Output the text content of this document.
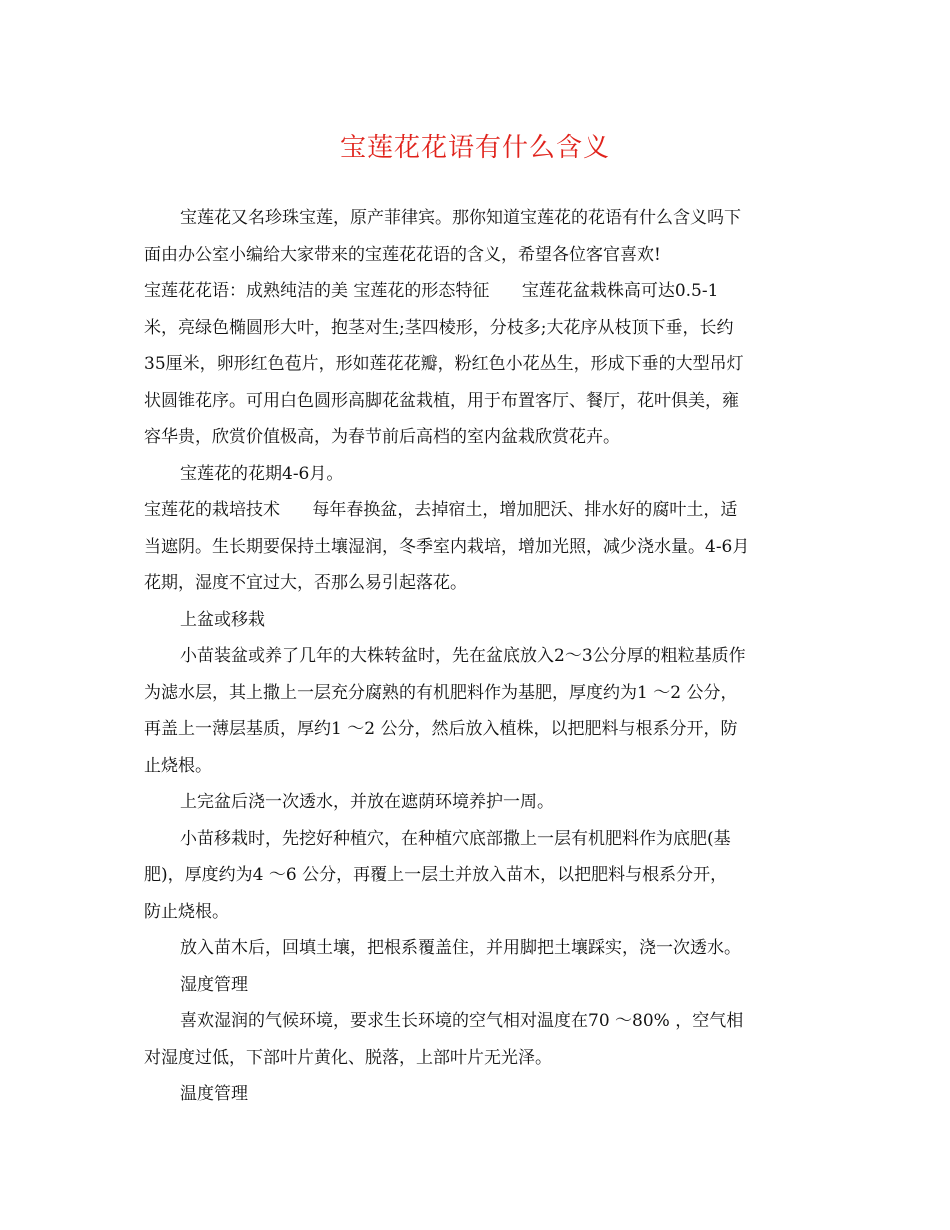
宝莲花花语有什么含义
宝莲花又名珍珠宝莲，原产菲律宾。那你知道宝莲花的花语有什么含义吗下
面由办公室小编给大家带来的宝莲花花语的含义，希望各位客官喜欢!
宝莲花花语：成熟纯洁的美 宝莲花的形态特征      宝莲花盆栽株高可达0.5-1
米，亮绿色椭圆形大叶，抱茎对生;茎四棱形，分枝多;大花序从枝顶下垂，长约
35厘米，卵形红色苞片，形如莲花花瓣，粉红色小花丛生，形成下垂的大型吊灯
状圆锥花序。可用白色圆形高脚花盆栽植，用于布置客厅、餐厅，花叶俱美，雍
容华贵，欣赏价值极高，为春节前后高档的室内盆栽欣赏花卉。
宝莲花的花期4-6月。
宝莲花的栽培技术      每年春换盆，去掉宿土，增加肥沃、排水好的腐叶土，适
当遮阴。生长期要保持土壤湿润，冬季室内栽培，增加光照，减少浇水量。4-6月
花期，湿度不宜过大，否那么易引起落花。
上盆或移栽
小苗装盆或养了几年的大株转盆时，先在盆底放入2～3公分厚的粗粒基质作
为滤水层，其上撒上一层充分腐熟的有机肥料作为基肥，厚度约为1 ～2 公分，
再盖上一薄层基质，厚约1 ～2 公分，然后放入植株，以把肥料与根系分开，防
止烧根。
上完盆后浇一次透水，并放在遮荫环境养护一周。
小苗移栽时，先挖好种植穴，在种植穴底部撒上一层有机肥料作为底肥(基
肥)，厚度约为4 ～6 公分，再覆上一层土并放入苗木，以把肥料与根系分开，
防止烧根。
放入苗木后，回填土壤，把根系覆盖住，并用脚把土壤踩实，浇一次透水。
湿度管理
喜欢湿润的气候环境，要求生长环境的空气相对温度在70 ～80% ，空气相
对湿度过低，下部叶片黄化、脱落，上部叶片无光泽。
温度管理
